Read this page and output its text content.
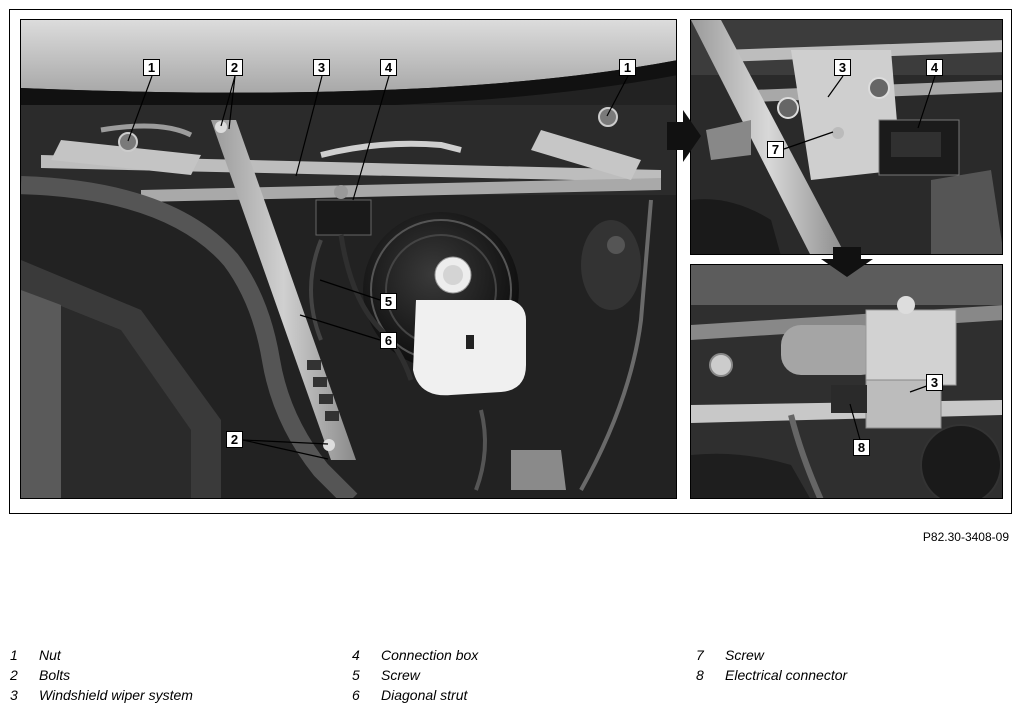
1	2	3	4	1
5
6
2
3	4
7
3
8
P82.30-3408-09
1	Nut
2	Bolts
3	Windshield wiper system
4	Connection box
5	Screw
6	Diagonal strut
7	Screw
8	Electrical connector
